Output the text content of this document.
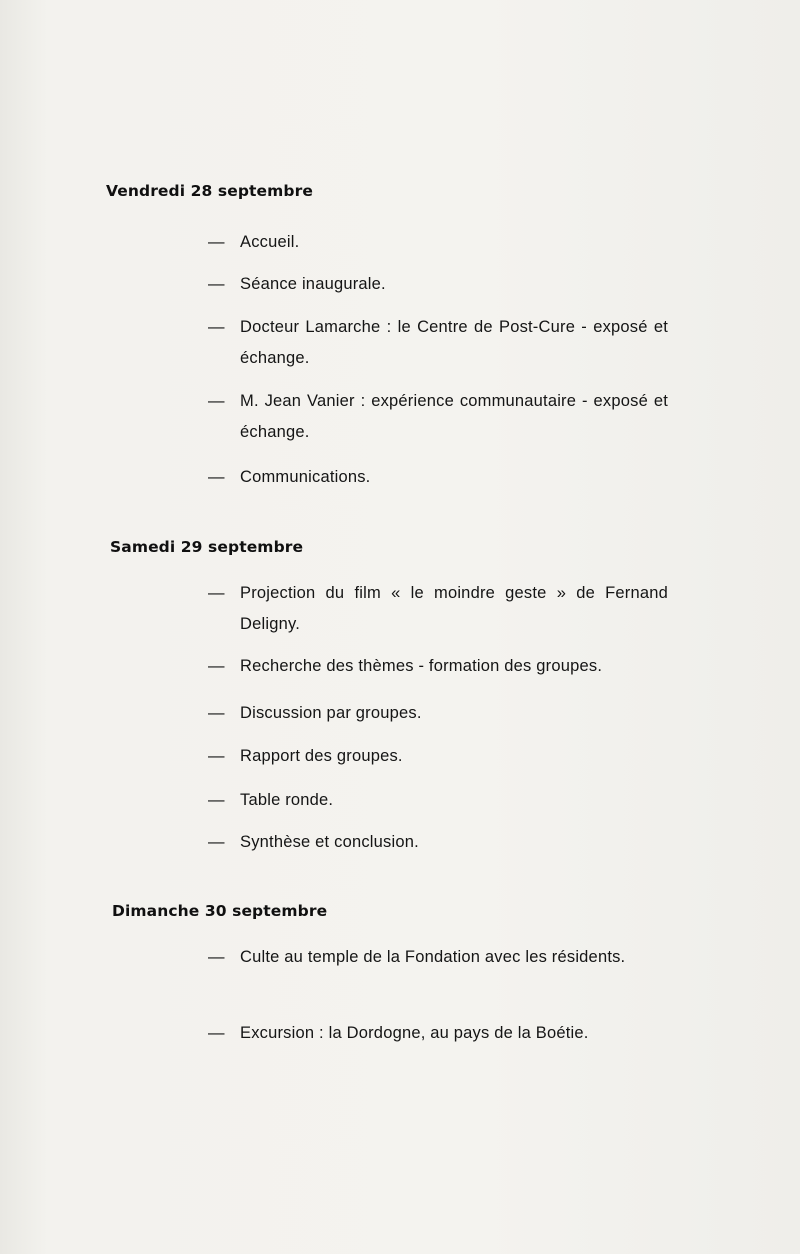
Vendredi 28 septembre
— Accueil.
— Séance inaugurale.
— Docteur Lamarche : le Centre de Post-Cure - exposé et échange.
— M. Jean Vanier : expérience communautaire - exposé et échange.
— Communications.
Samedi 29 septembre
— Projection du film « le moindre geste » de Fernand Deligny.
— Recherche des thèmes - formation des groupes.
— Discussion par groupes.
— Rapport des groupes.
— Table ronde.
— Synthèse et conclusion.
Dimanche 30 septembre
— Culte au temple de la Fondation avec les résidents.
— Excursion : la Dordogne, au pays de la Boétie.
